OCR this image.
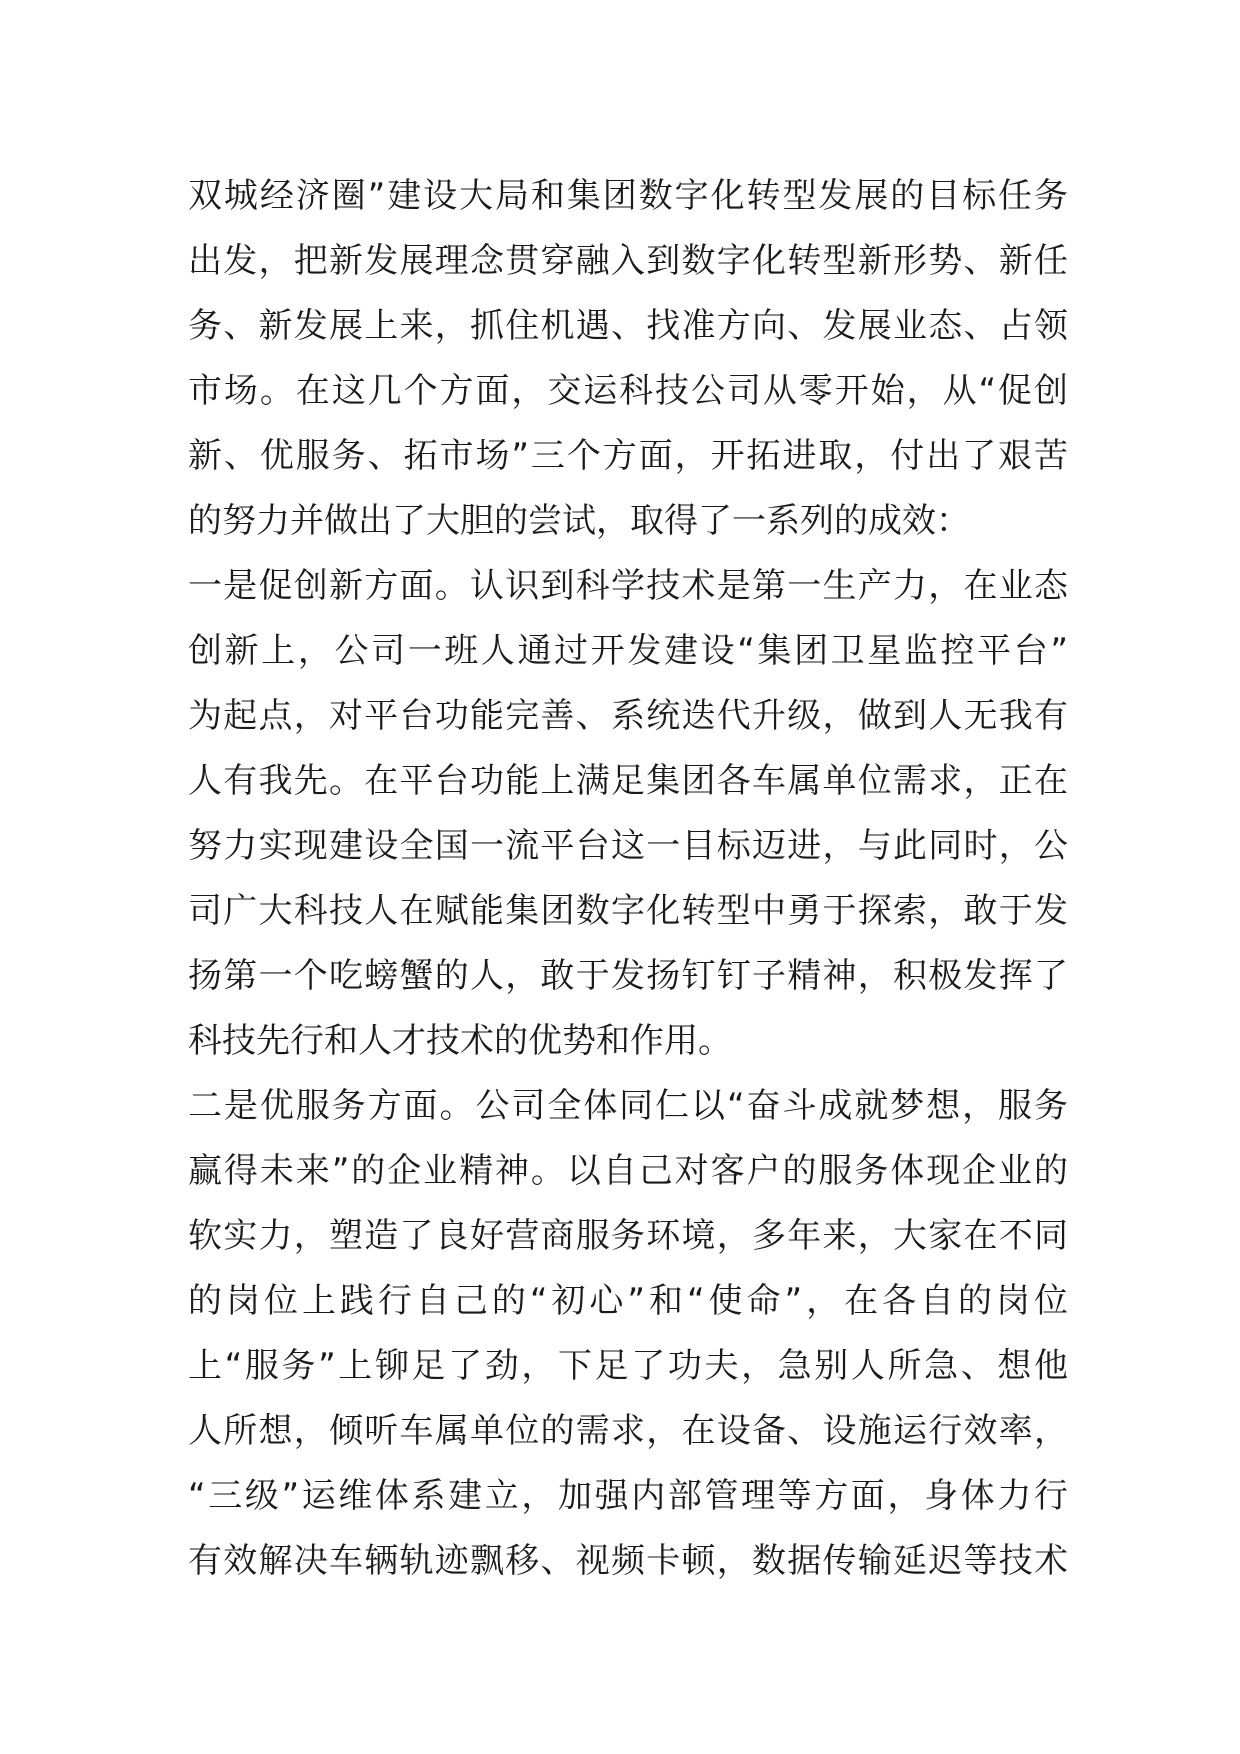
双城经济圈”建设大局和集团数字化转型发展的目标任务
出发，把新发展理念贯穿融入到数字化转型新形势、新任
务、新发展上来，抓住机遇、找准方向、发展业态、占领
市场。在这几个方面，交运科技公司从零开始，从“促创
新、优服务、拓市场”三个方面，开拓进取，付出了艰苦
的努力并做出了大胆的尝试，取得了一系列的成效：
一是促创新方面。认识到科学技术是第一生产力，在业态
创新上，公司一班人通过开发建设“集团卫星监控平台”
为起点，对平台功能完善、系统迭代升级，做到人无我有
人有我先。在平台功能上满足集团各车属单位需求，正在
努力实现建设全国一流平台这一目标迈进，与此同时，公
司广大科技人在赋能集团数字化转型中勇于探索，敢于发
扬第一个吃螃蟹的人，敢于发扬钉钉子精神，积极发挥了
科技先行和人才技术的优势和作用。
二是优服务方面。公司全体同仁以“奋斗成就梦想，服务
赢得未来”的企业精神。以自己对客户的服务体现企业的
软实力，塑造了良好营商服务环境，多年来，大家在不同
的岗位上践行自己的“初心”和“使命”，在各自的岗位
上“服务”上铆足了劲，下足了功夫，急别人所急、想他
人所想，倾听车属单位的需求，在设备、设施运行效率，
“三级”运维体系建立，加强内部管理等方面，身体力行
有效解决车辆轨迹飘移、视频卡顿，数据传输延迟等技术
